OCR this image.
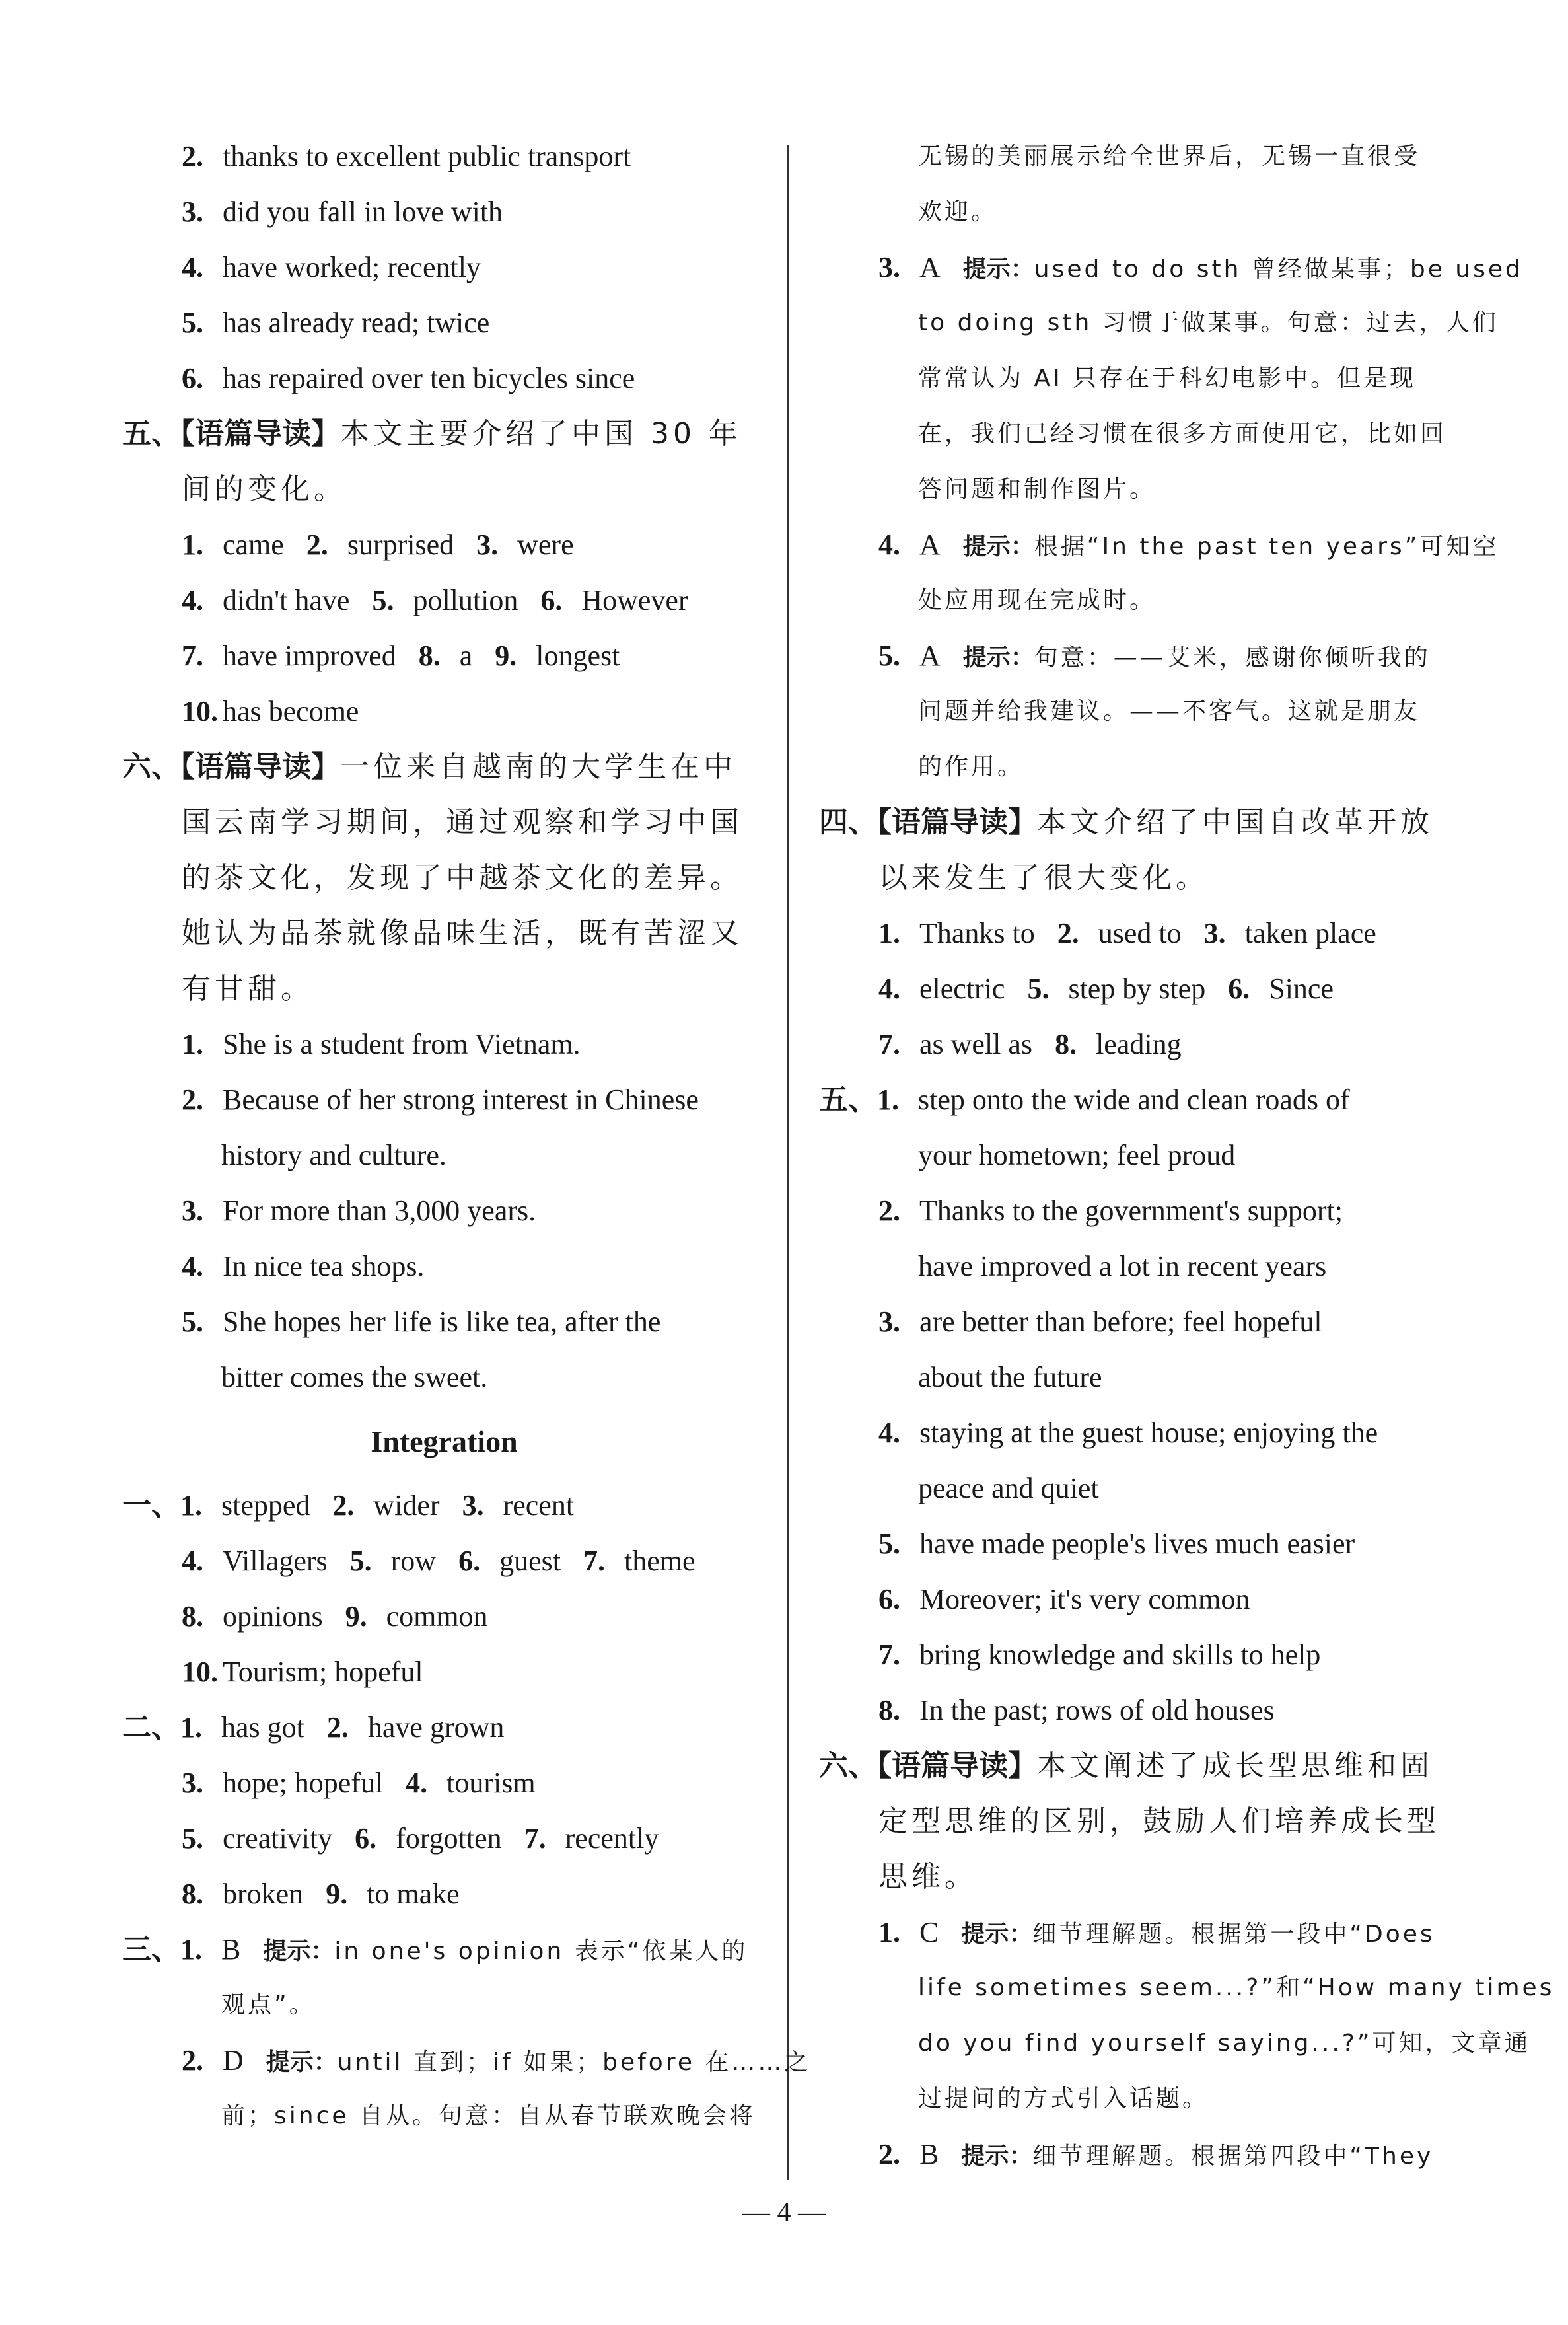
2. thanks to excellent public transport
3. did you fall in love with
4. have worked; recently
5. has already read; twice
6. has repaired over ten bicycles since
五、【语篇导读】本文主要介绍了中国 30 年
间的变化。
1. came 2. surprised 3. were
4. didn't have 5. pollution 6. However
7. have improved 8. a 9. longest
10. has become
六、【语篇导读】一位来自越南的大学生在中
国云南学习期间，通过观察和学习中国
的茶文化，发现了中越茶文化的差异。
她认为品茶就像品味生活，既有苦涩又
有甘甜。
1. She is a student from Vietnam.
2. Because of her strong interest in Chinese
history and culture.
3. For more than 3,000 years.
4. In nice tea shops.
5. She hopes her life is like tea, after the
bitter comes the sweet.
Integration
一、1. stepped 2. wider 3. recent
4. Villagers 5. row 6. guest 7. theme
8. opinions 9. common
10. Tourism; hopeful
二、1. has got 2. have grown
3. hope; hopeful 4. tourism
5. creativity 6. forgotten 7. recently
8. broken 9. to make
三、1. B 提示：in one's opinion 表示“依某人的
观点”。
2. D 提示：until 直到；if 如果；before 在……之
前；since 自从。句意：自从春节联欢晚会将
无锡的美丽展示给全世界后，无锡一直很受
欢迎。
3. A 提示：used to do sth 曾经做某事；be used
to doing sth 习惯于做某事。句意：过去，人们
常常认为 AI 只存在于科幻电影中。但是现
在，我们已经习惯在很多方面使用它，比如回
答问题和制作图片。
4. A 提示：根据“In the past ten years”可知空
处应用现在完成时。
5. A 提示：句意：——艾米，感谢你倾听我的
问题并给我建议。——不客气。这就是朋友
的作用。
四、【语篇导读】本文介绍了中国自改革开放
以来发生了很大变化。
1. Thanks to 2. used to 3. taken place
4. electric 5. step by step 6. Since
7. as well as 8. leading
五、1. step onto the wide and clean roads of
your hometown; feel proud
2. Thanks to the government's support;
have improved a lot in recent years
3. are better than before; feel hopeful
about the future
4. staying at the guest house; enjoying the
peace and quiet
5. have made people's lives much easier
6. Moreover; it's very common
7. bring knowledge and skills to help
8. In the past; rows of old houses
六、【语篇导读】本文阐述了成长型思维和固
定型思维的区别，鼓励人们培养成长型
思维。
1. C 提示：细节理解题。根据第一段中“Does
life sometimes seem...?”和“How many times
do you find yourself saying...?”可知，文章通
过提问的方式引入话题。
2. B 提示：细节理解题。根据第四段中“They
— 4 —
